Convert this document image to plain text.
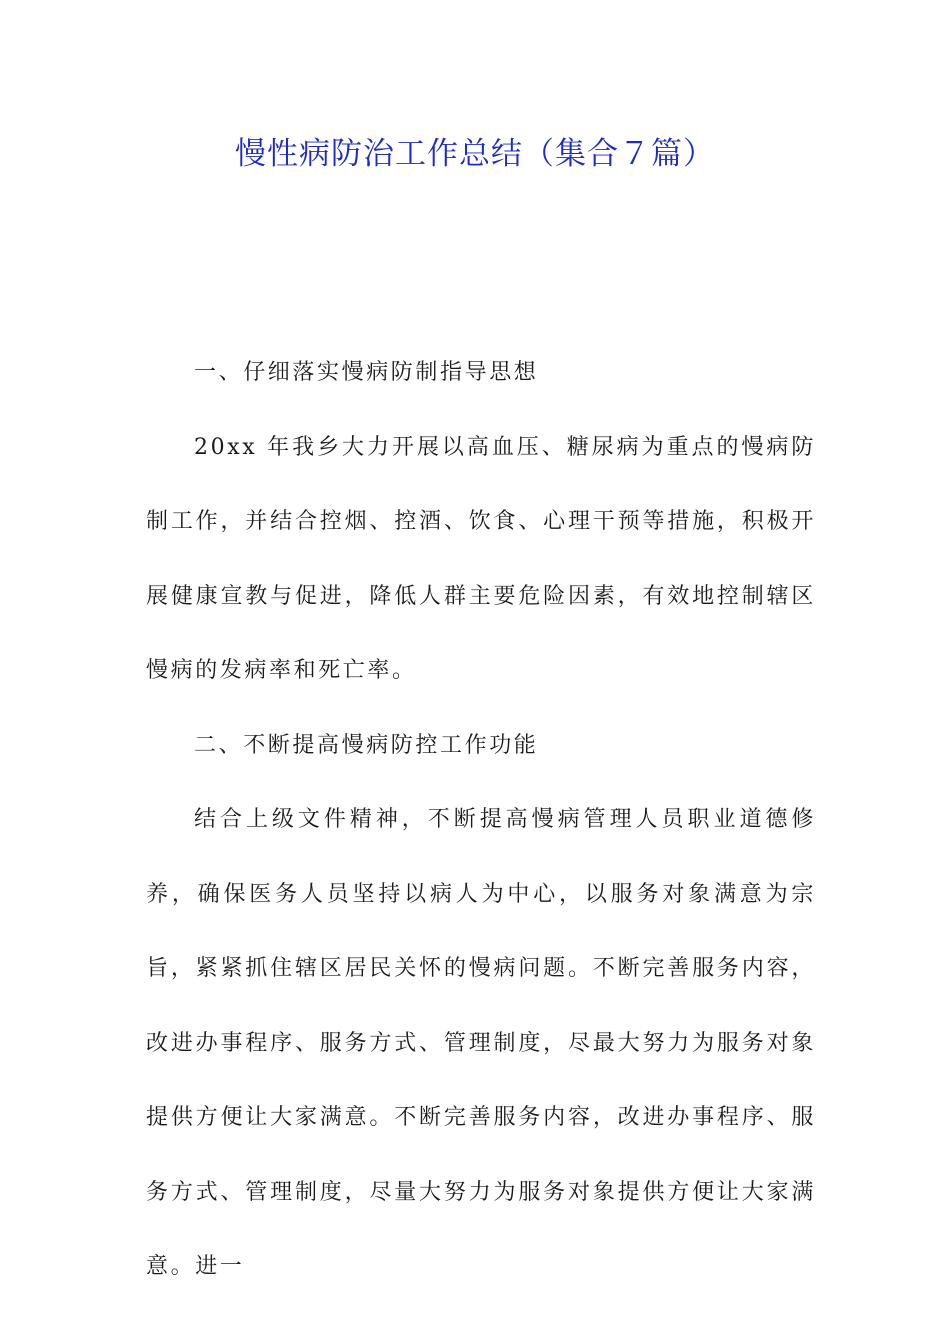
慢性病防治工作总结（集合７篇）

一、仔细落实慢病防制指导思想

20xx 年我乡大力开展以高血压、糖尿病为重点的慢病防制工作，并结合控烟、控酒、饮食、心理干预等措施，积极开展健康宣教与促进，降低人群主要危险因素，有效地控制辖区慢病的发病率和死亡率。

二、不断提高慢病防控工作功能

结合上级文件精神，不断提高慢病管理人员职业道德修养，确保医务人员坚持以病人为中心，以服务对象满意为宗旨，紧紧抓住辖区居民关怀的慢病问题。不断完善服务内容，改进办事程序、服务方式、管理制度，尽最大努力为服务对象提供方便让大家满意。不断完善服务内容，改进办事程序、服务方式、管理制度，尽量大努力为服务对象提供方便让大家满意。进一
